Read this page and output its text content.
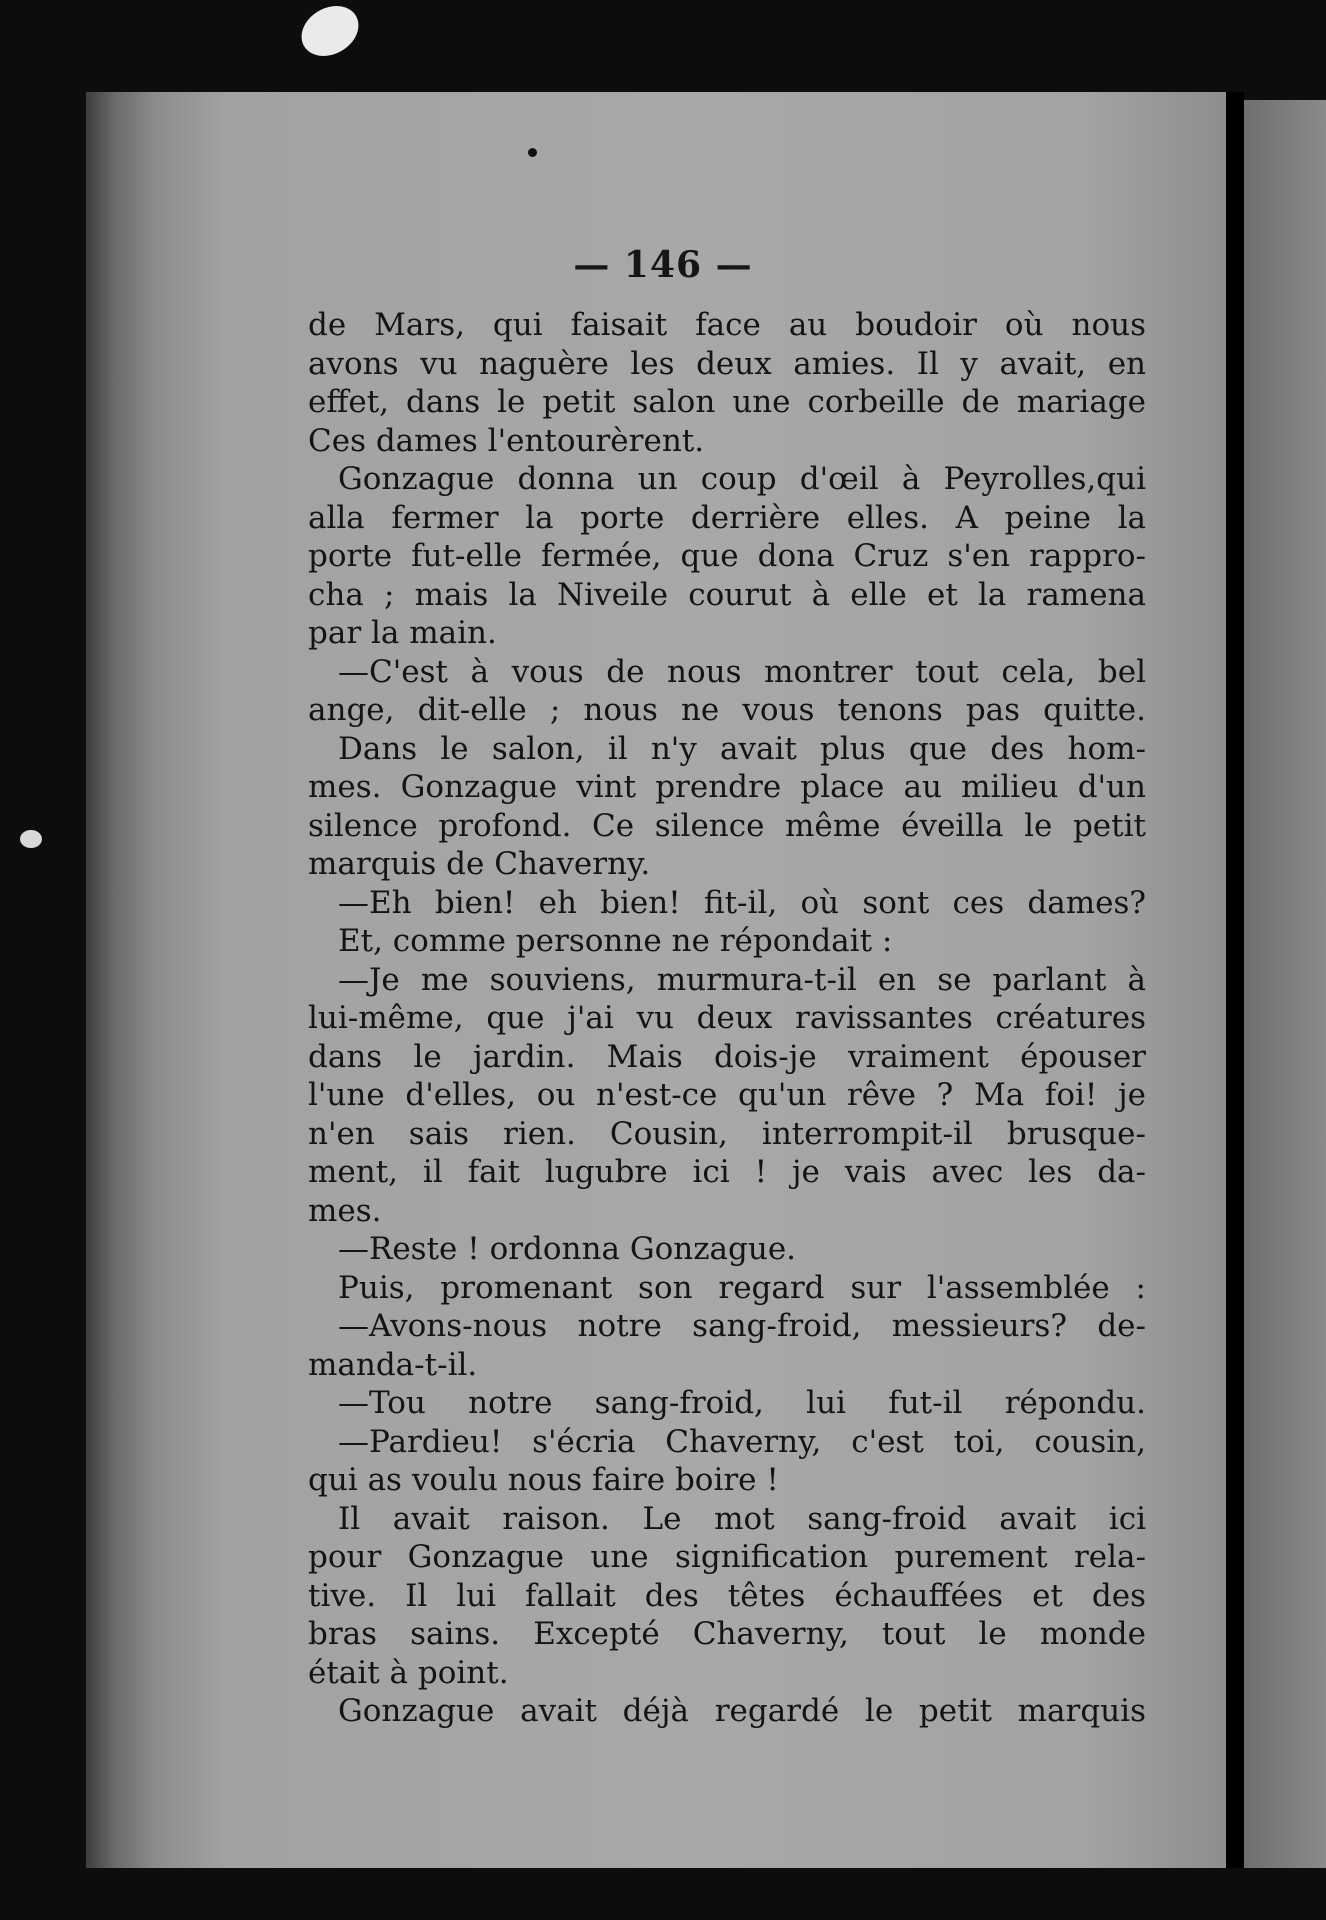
— 146 —
de Mars, qui faisait face au boudoir où nous
avons vu naguère les deux amies. Il y avait, en
effet, dans le petit salon une corbeille de mariage
Ces dames l'entourèrent.
Gonzague donna un coup d'œil à Peyrolles,qui
alla fermer la porte derrière elles. A peine la
porte fut-elle fermée, que dona Cruz s'en rappro-
cha ; mais la Niveile courut à elle et la ramena
par la main.
—C'est à vous de nous montrer tout cela, bel
ange, dit-elle ; nous ne vous tenons pas quitte.
Dans le salon, il n'y avait plus que des hom-
mes. Gonzague vint prendre place au milieu d'un
silence profond. Ce silence même éveilla le petit
marquis de Chaverny.
—Eh bien! eh bien! fit-il, où sont ces dames?
Et, comme personne ne répondait :
—Je me souviens, murmura-t-il en se parlant à
lui-même, que j'ai vu deux ravissantes créatures
dans le jardin. Mais dois-je vraiment épouser
l'une d'elles, ou n'est-ce qu'un rêve ? Ma foi! je
n'en sais rien. Cousin, interrompit-il brusque-
ment, il fait lugubre ici ! je vais avec les da-
mes.
—Reste ! ordonna Gonzague.
Puis, promenant son regard sur l'assemblée :
—Avons-nous notre sang-froid, messieurs? de-
manda-t-il.
—Tou notre sang-froid, lui fut-il répondu.
—Pardieu! s'écria Chaverny, c'est toi, cousin,
qui as voulu nous faire boire !
Il avait raison. Le mot sang-froid avait ici
pour Gonzague une signification purement rela-
tive. Il lui fallait des têtes échauffées et des
bras sains. Excepté Chaverny, tout le monde
était à point.
Gonzague avait déjà regardé le petit marquis
